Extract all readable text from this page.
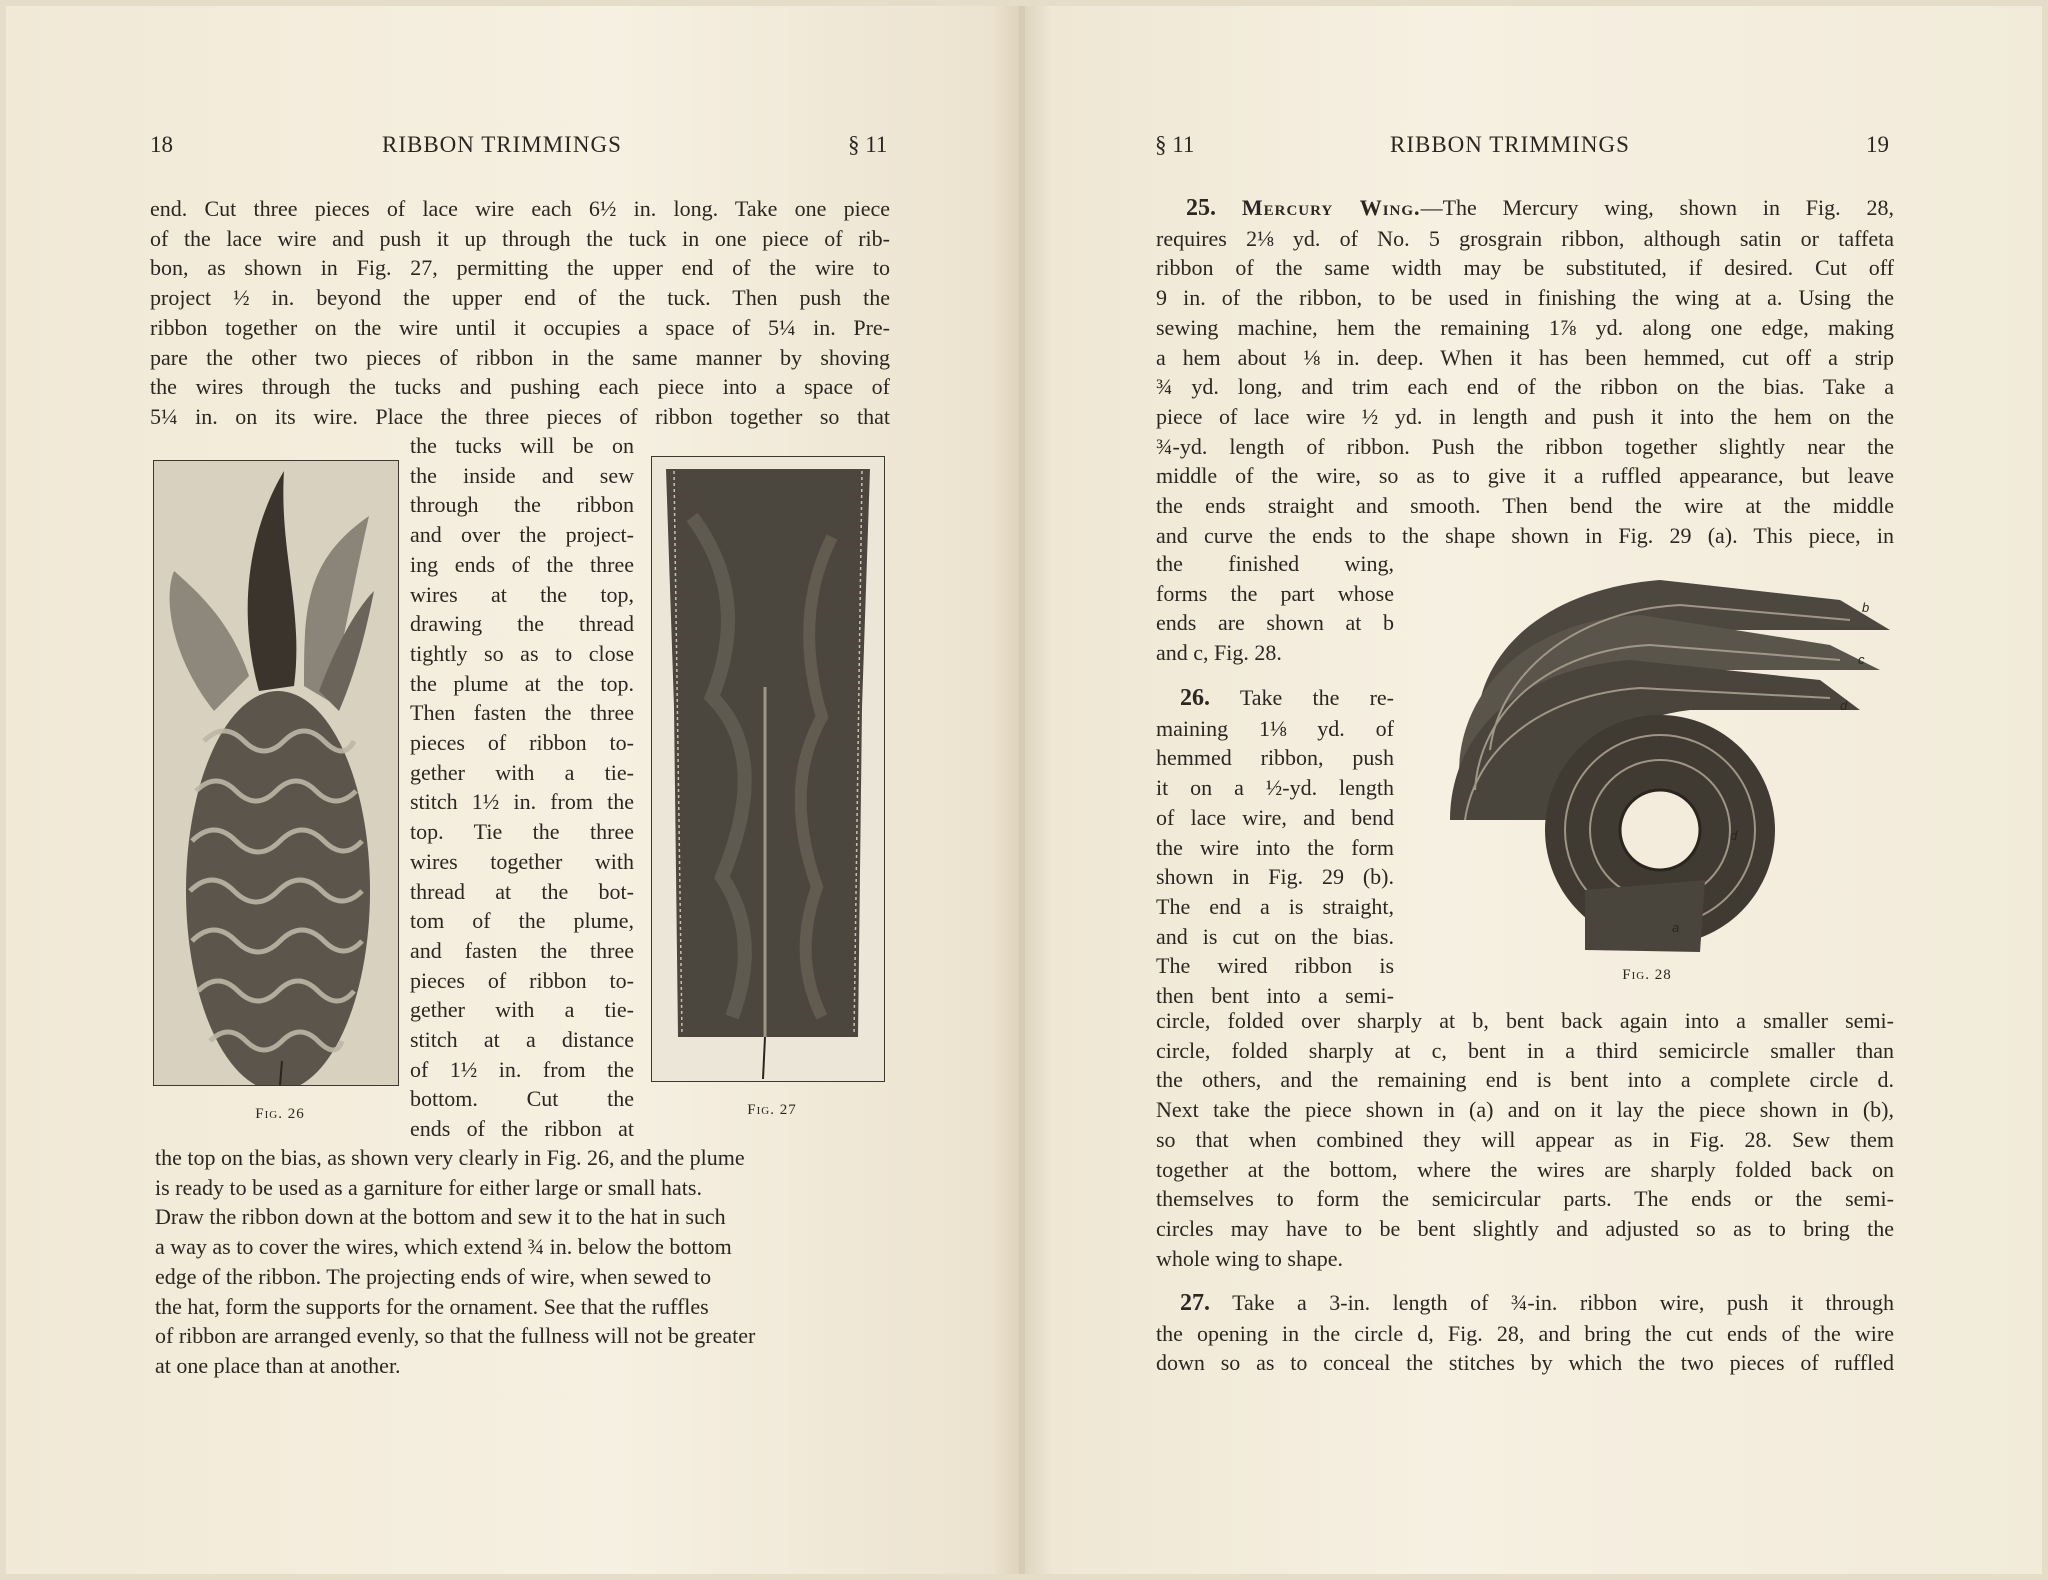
18	RIBBON TRIMMINGS	§ 11
end. Cut three pieces of lace wire each 6½ in. long. Take one piece
of the lace wire and push it up through the tuck in one piece of rib-
bon, as shown in Fig. 27, permitting the upper end of the wire to
project ½ in. beyond the upper end of the tuck. Then push the
ribbon together on the wire until it occupies a space of 5¼ in. Pre-
pare the other two pieces of ribbon in the same manner by shoving
the wires through the tucks and pushing each piece into a space of
5¼ in. on its wire. Place the three pieces of ribbon together so that
Fig. 26
the tucks will be on
the inside and sew
through the ribbon
and over the project-
ing ends of the three
wires at the top,
drawing the thread
tightly so as to close
the plume at the top.
Then fasten the three
pieces of ribbon to-
gether with a tie-
stitch 1½ in. from the
top. Tie the three
wires together with
thread at the bot-
tom of the plume,
and fasten the three
pieces of ribbon to-
gether with a tie-
stitch at a distance
of 1½ in. from the
bottom. Cut the
ends of the ribbon at
Fig. 27
the top on the bias, as shown very clearly in Fig. 26, and the plume
is ready to be used as a garniture for either large or small hats.
Draw the ribbon down at the bottom and sew it to the hat in such
a way as to cover the wires, which extend ¾ in. below the bottom
edge of the ribbon. The projecting ends of wire, when sewed to
the hat, form the supports for the ornament. See that the ruffles
of ribbon are arranged evenly, so that the fullness will not be greater
at one place than at another.
§ 11	RIBBON TRIMMINGS	19
25. Mercury Wing.—The Mercury wing, shown in Fig. 28,
requires 2⅛ yd. of No. 5 grosgrain ribbon, although satin or taffeta
ribbon of the same width may be substituted, if desired. Cut off
9 in. of the ribbon, to be used in finishing the wing at a. Using the
sewing machine, hem the remaining 1⅞ yd. along one edge, making
a hem about ⅛ in. deep. When it has been hemmed, cut off a strip
¾ yd. long, and trim each end of the ribbon on the bias. Take a
piece of lace wire ½ yd. in length and push it into the hem on the
¾-yd. length of ribbon. Push the ribbon together slightly near the
middle of the wire, so as to give it a ruffled appearance, but leave
the ends straight and smooth. Then bend the wire at the middle
and curve the ends to the shape shown in Fig. 29 (a). This piece, in
the finished wing,
forms the part whose
ends are shown at b
and c, Fig. 28.
26. Take the re-
maining 1⅛ yd. of
hemmed ribbon, push
it on a ½-yd. length
of lace wire, and bend
the wire into the form
shown in Fig. 29 (b).
The end a is straight,
and is cut on the bias.
The wired ribbon is
then bent into a semi-
b
c
d
d
a
Fig. 28
circle, folded over sharply at b, bent back again into a smaller semi-
circle, folded sharply at c, bent in a third semicircle smaller than
the others, and the remaining end is bent into a complete circle d.
Next take the piece shown in (a) and on it lay the piece shown in (b),
so that when combined they will appear as in Fig. 28. Sew them
together at the bottom, where the wires are sharply folded back on
themselves to form the semicircular parts. The ends or the semi-
circles may have to be bent slightly and adjusted so as to bring the
whole wing to shape.
27. Take a 3-in. length of ¾-in. ribbon wire, push it through
the opening in the circle d, Fig. 28, and bring the cut ends of the wire
down so as to conceal the stitches by which the two pieces of ruffled
